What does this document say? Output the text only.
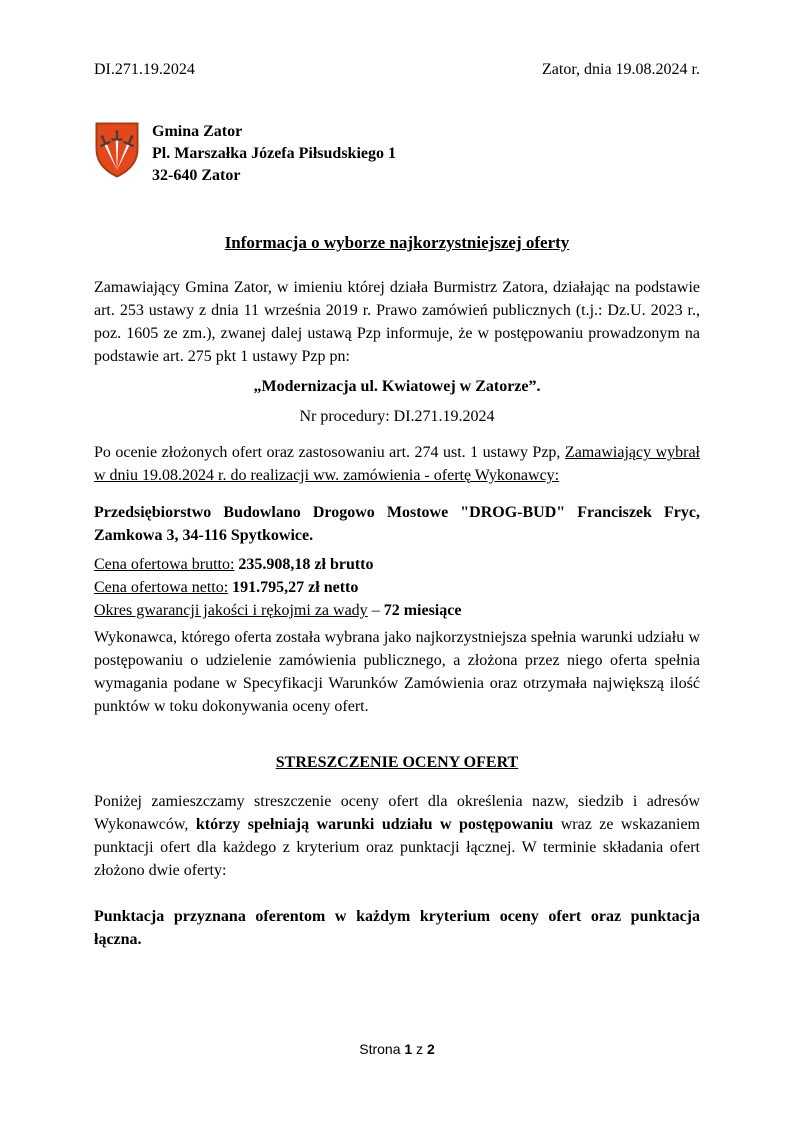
DI.271.19.2024	Zator, dnia 19.08.2024 r.
Gmina Zator
Pl. Marszałka Józefa Piłsudskiego 1
32-640 Zator
Informacja o wyborze najkorzystniejszej oferty

Zamawiający Gmina Zator, w imieniu której działa Burmistrz Zatora, działając na podstawie art. 253 ustawy z dnia 11 września 2019 r. Prawo zamówień publicznych (t.j.: Dz.U. 2023 r., poz. 1605 ze zm.), zwanej dalej ustawą Pzp informuje, że w postępowaniu prowadzonym na podstawie art. 275 pkt 1 ustawy Pzp pn:

„Modernizacja ul. Kwiatowej w Zatorze”.

Nr procedury: DI.271.19.2024

Po ocenie złożonych ofert oraz zastosowaniu art. 274 ust. 1 ustawy Pzp, Zamawiający wybrał w dniu 19.08.2024 r. do realizacji ww. zamówienia - ofertę Wykonawcy:

Przedsiębiorstwo Budowlano Drogowo Mostowe "DROG-BUD" Franciszek Fryc, Zamkowa 3, 34-116 Spytkowice.

Cena ofertowa brutto: 235.908,18 zł brutto
Cena ofertowa netto: 191.795,27 zł netto
Okres gwarancji jakości i rękojmi za wady – 72 miesiące

Wykonawca, którego oferta została wybrana jako najkorzystniejsza spełnia warunki udziału w postępowaniu o udzielenie zamówienia publicznego, a złożona przez niego oferta spełnia wymagania podane w Specyfikacji Warunków Zamówienia oraz otrzymała największą ilość punktów w toku dokonywania oceny ofert.

STRESZCZENIE OCENY OFERT

Poniżej zamieszczamy streszczenie oceny ofert dla określenia nazw, siedzib i adresów Wykonawców, którzy spełniają warunki udziału w postępowaniu wraz ze wskazaniem punktacji ofert dla każdego z kryterium oraz punktacji łącznej. W terminie składania ofert złożono dwie oferty:

Punktacja przyznana oferentom w każdym kryterium oceny ofert oraz punktacja łączna.

Strona 1 z 2
